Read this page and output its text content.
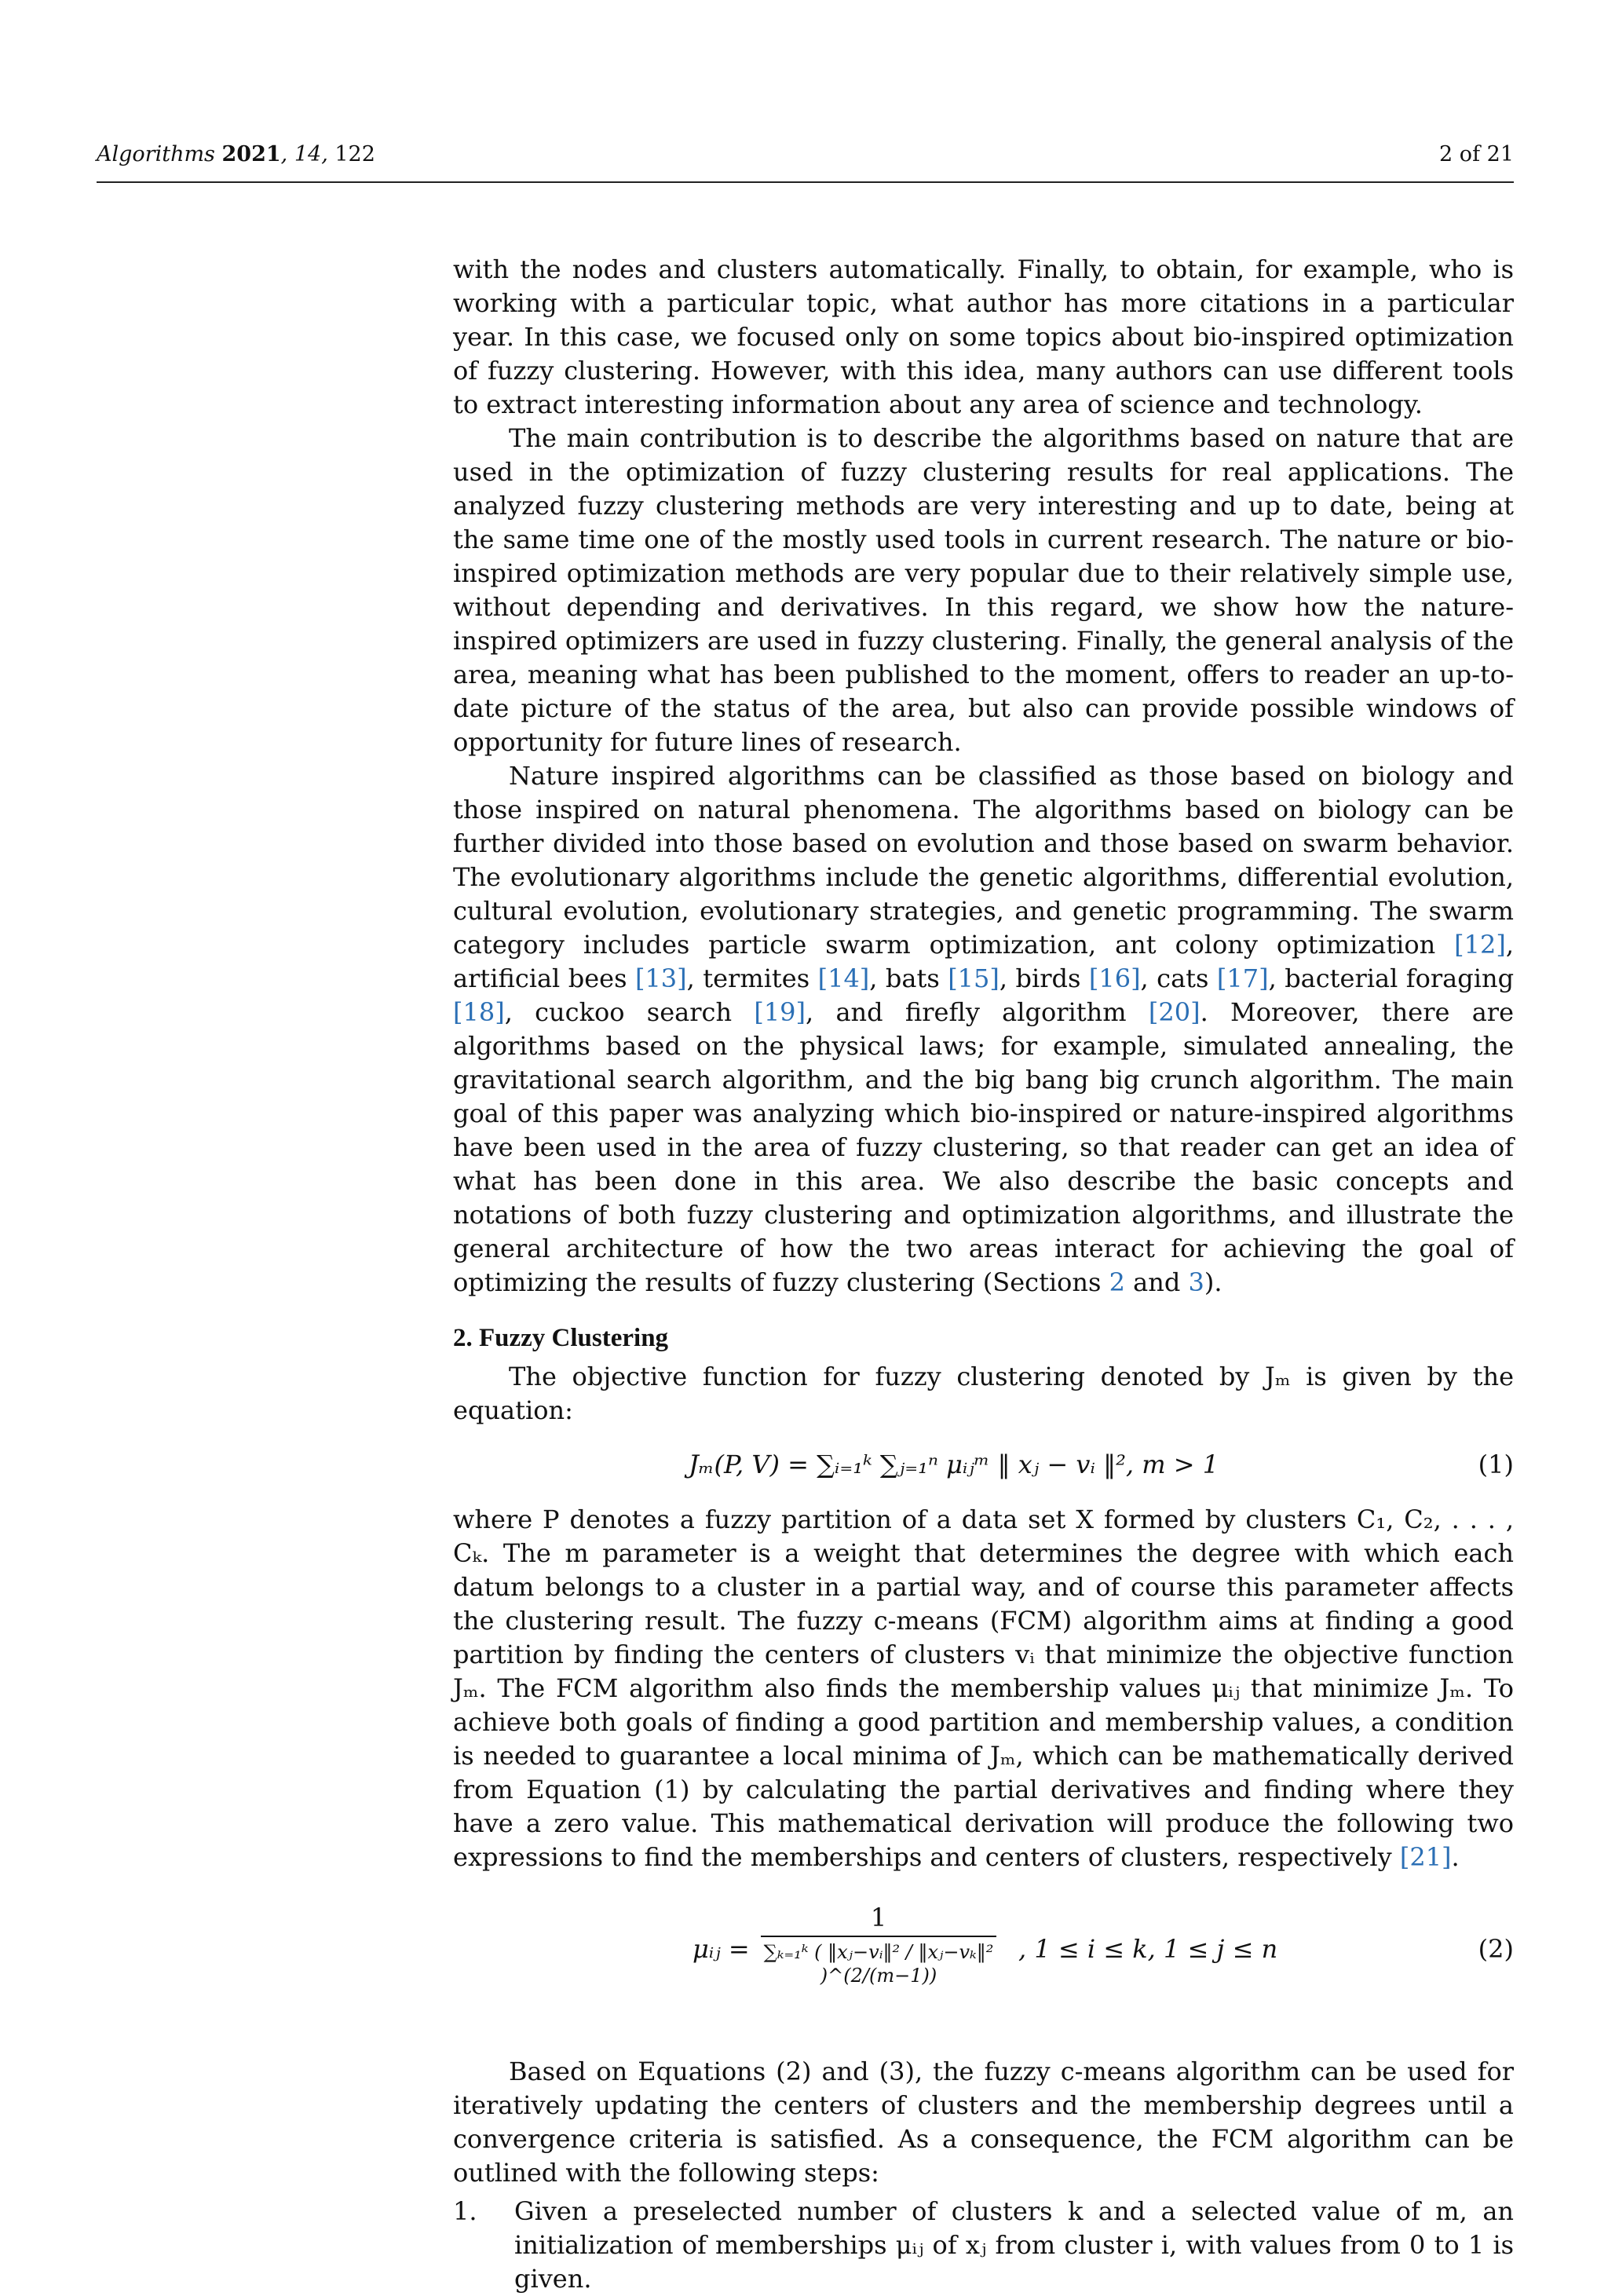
Algorithms 2021, 14, 122	2 of 21

with the nodes and clusters automatically. Finally, to obtain, for example, who is working with a particular topic, what author has more citations in a particular year. In this case, we focused only on some topics about bio-inspired optimization of fuzzy clustering. However, with this idea, many authors can use different tools to extract interesting information about any area of science and technology.

The main contribution is to describe the algorithms based on nature that are used in the optimization of fuzzy clustering results for real applications. The analyzed fuzzy clustering methods are very interesting and up to date, being at the same time one of the mostly used tools in current research. The nature or bio-inspired optimization methods are very popular due to their relatively simple use, without depending and derivatives. In this regard, we show how the nature-inspired optimizers are used in fuzzy clustering. Finally, the general analysis of the area, meaning what has been published to the moment, offers to reader an up-to-date picture of the status of the area, but also can provide possible windows of opportunity for future lines of research.

Nature inspired algorithms can be classified as those based on biology and those inspired on natural phenomena. The algorithms based on biology can be further divided into those based on evolution and those based on swarm behavior. The evolutionary algorithms include the genetic algorithms, differential evolution, cultural evolution, evolutionary strategies, and genetic programming. The swarm category includes particle swarm optimization, ant colony optimization [12], artificial bees [13], termites [14], bats [15], birds [16], cats [17], bacterial foraging [18], cuckoo search [19], and firefly algorithm [20]. Moreover, there are algorithms based on the physical laws; for example, simulated annealing, the gravitational search algorithm, and the big bang big crunch algorithm. The main goal of this paper was analyzing which bio-inspired or nature-inspired algorithms have been used in the area of fuzzy clustering, so that reader can get an idea of what has been done in this area. We also describe the basic concepts and notations of both fuzzy clustering and optimization algorithms, and illustrate the general architecture of how the two areas interact for achieving the goal of optimizing the results of fuzzy clustering (Sections 2 and 3).

2. Fuzzy Clustering

The objective function for fuzzy clustering denoted by Jₘ is given by the equation:

Jₘ(P, V) = ∑ᵢ₌₁ᵏ ∑ⱼ₌₁ⁿ μᵢⱼᵐ ‖ xⱼ − vᵢ ‖², m > 1	(1)

where P denotes a fuzzy partition of a data set X formed by clusters C₁, C₂, . . . , Cₖ. The m parameter is a weight that determines the degree with which each datum belongs to a cluster in a partial way, and of course this parameter affects the clustering result. The fuzzy c-means (FCM) algorithm aims at finding a good partition by finding the centers of clusters vᵢ that minimize the objective function Jₘ. The FCM algorithm also finds the membership values μᵢⱼ that minimize Jₘ. To achieve both goals of finding a good partition and membership values, a condition is needed to guarantee a local minima of Jₘ, which can be mathematically derived from Equation (1) by calculating the partial derivatives and finding where they have a zero value. This mathematical derivation will produce the following two expressions to find the memberships and centers of clusters, respectively [21].

μᵢⱼ =
1
∑ₖ₌₁ᵏ ( ‖xⱼ−vᵢ‖² / ‖xⱼ−vₖ‖² )^(2/(m−1))
, 1 ≤ i ≤ k, 1 ≤ j ≤ n	(2)

Based on Equations (2) and (3), the fuzzy c-means algorithm can be used for iteratively updating the centers of clusters and the membership degrees until a convergence criteria is satisfied. As a consequence, the FCM algorithm can be outlined with the following steps:

1. Given a preselected number of clusters k and a selected value of m, an initialization of memberships μᵢⱼ of xⱼ from cluster i, with values from 0 to 1 is given.
